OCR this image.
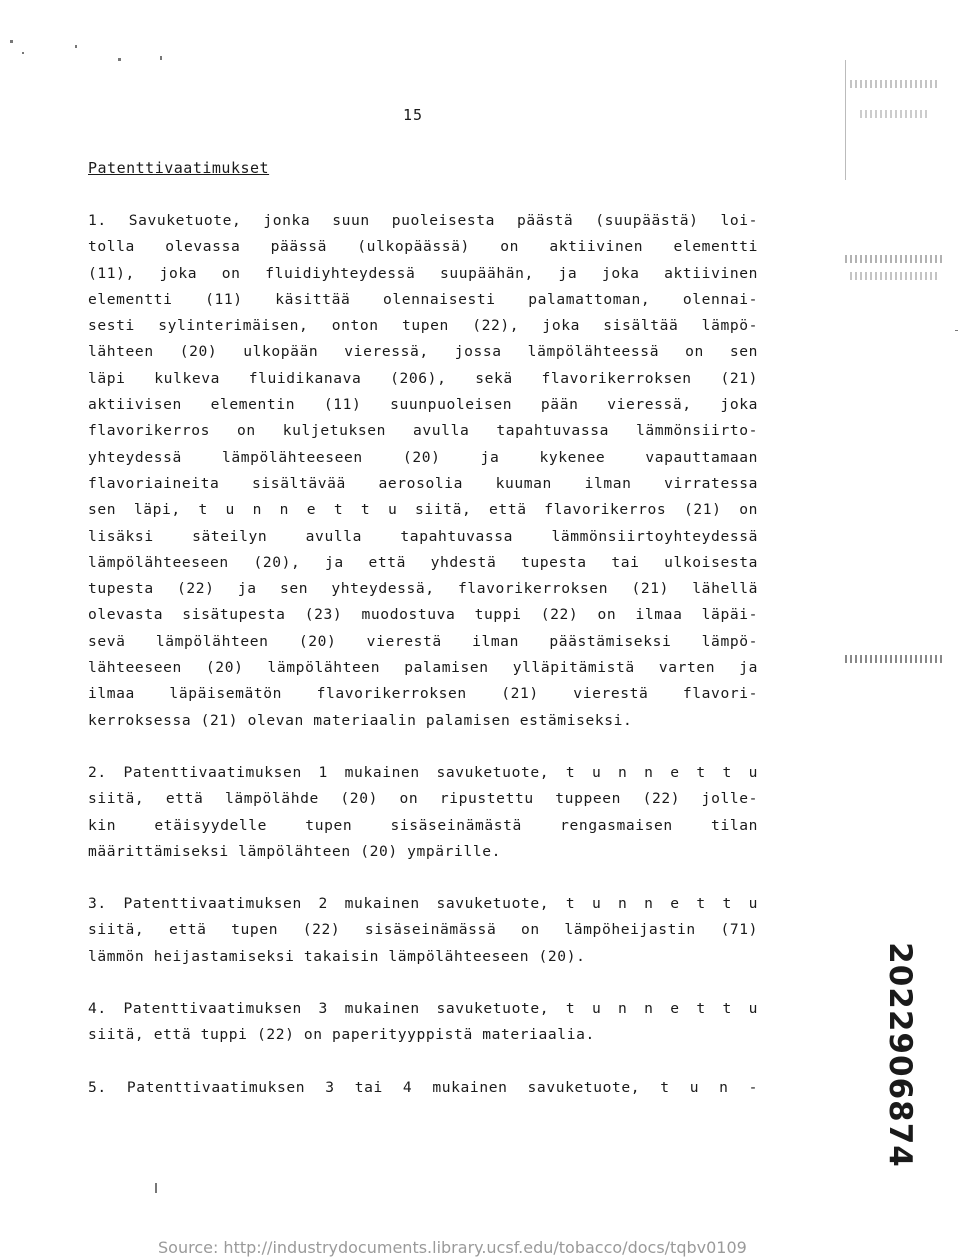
15
Patenttivaatimukset
1. Savuketuote, jonka suun puoleisesta päästä (suupäästä) loi-
tolla olevassa päässä (ulkopäässä) on aktiivinen elementti
(11), joka on fluidiyhteydessä suupäähän, ja joka aktiivinen
elementti (11) käsittää olennaisesti palamattoman, olennai-
sesti sylinterimäisen, onton tupen (22), joka sisältää lämpö-
lähteen (20) ulkopään vieressä, jossa lämpölähteessä on sen
läpi kulkeva fluidikanava (206), sekä flavorikerroksen (21)
aktiivisen elementin (11) suunpuoleisen pään vieressä, joka
flavorikerros on kuljetuksen avulla tapahtuvassa lämmönsiirto-
yhteydessä lämpölähteeseen (20) ja kykenee vapauttamaan
flavoriaineita sisältävää aerosolia kuuman ilman virratessa
sen läpi, t u n n e t t u siitä, että flavorikerros (21) on
lisäksi säteilyn avulla tapahtuvassa lämmönsiirtoyhteydessä
lämpölähteeseen (20), ja että yhdestä tupesta tai ulkoisesta
tupesta (22) ja sen yhteydessä, flavorikerroksen (21) lähellä
olevasta sisätupesta (23) muodostuva tuppi (22) on ilmaa läpäi-
sevä lämpölähteen (20) vierestä ilman päästämiseksi lämpö-
lähteeseen (20) lämpölähteen palamisen ylläpitämistä varten ja
ilmaa läpäisemätön flavorikerroksen (21) vierestä flavori-
kerroksessa (21) olevan materiaalin palamisen estämiseksi.
2. Patenttivaatimuksen 1 mukainen savuketuote, t u n n e t t u
siitä, että lämpölähde (20) on ripustettu tuppeen (22) jolle-
kin etäisyydelle tupen sisäseinämästä rengasmaisen tilan
määrittämiseksi lämpölähteen (20) ympärille.
3. Patenttivaatimuksen 2 mukainen savuketuote, t u n n e t t u
siitä, että tupen (22) sisäseinämässä on lämpöheijastin (71)
lämmön heijastamiseksi takaisin lämpölähteeseen (20).
4. Patenttivaatimuksen 3 mukainen savuketuote, t u n n e t t u
siitä, että tuppi (22) on paperityyppistä materiaalia.
5. Patenttivaatimuksen 3 tai 4 mukainen savuketuote, t u n -	2022906874
Source: http://industrydocuments.library.ucsf.edu/tobacco/docs/tqbv0109
